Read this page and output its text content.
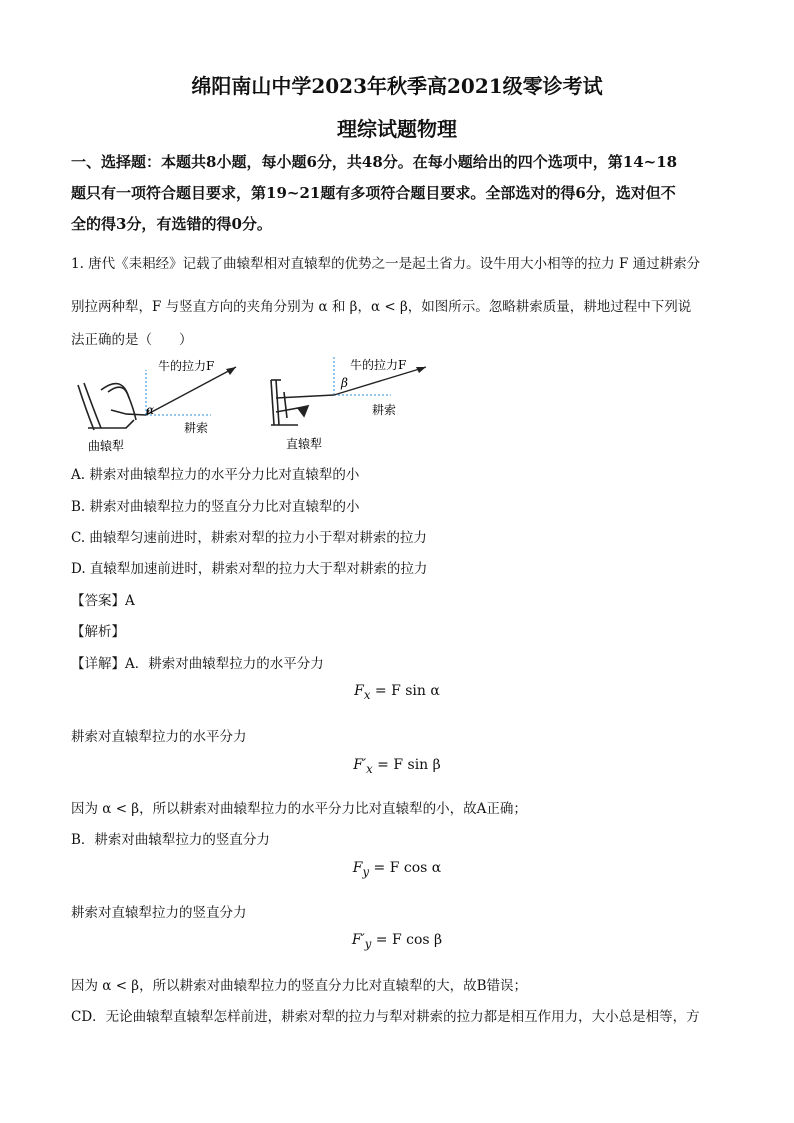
绵阳南山中学2023年秋季高2021级零诊考试
理综试题物理
一、选择题：本题共8小题，每小题6分，共48分。在每小题给出的四个选项中，第14~18
题只有一项符合题目要求，第19~21题有多项符合题目要求。全部选对的得6分，选对但不
全的得3分，有选错的得0分。
1. 唐代《耒耜经》记载了曲辕犁相对直辕犁的优势之一是起土省力。设牛用大小相等的拉力 F 通过耕索分
别拉两种犁，F 与竖直方向的夹角分别为 α 和 β，α < β，如图所示。忽略耕索质量，耕地过程中下列说
法正确的是（　　）
牛的拉力F
α
耕索
曲辕犁
牛的拉力F
β
耕索
直辕犁
A. 耕索对曲辕犁拉力的水平分力比对直辕犁的小
B. 耕索对曲辕犁拉力的竖直分力比对直辕犁的小
C. 曲辕犁匀速前进时，耕索对犁的拉力小于犁对耕索的拉力
D. 直辕犁加速前进时，耕索对犁的拉力大于犁对耕索的拉力
【答案】A
【解析】
【详解】A．耕索对曲辕犁拉力的水平分力
$F_x = F$ sin α
耕索对直辕犁拉力的水平分力
$F'_x = F$ sin β
因为 α < β，所以耕索对曲辕犁拉力的水平分力比对直辕犁的小，故A正确；
B．耕索对曲辕犁拉力的竖直分力
$F_y = F$ cos α
耕索对直辕犁拉力的竖直分力
$F'_y = F$ cos β
因为 α < β，所以耕索对曲辕犁拉力的竖直分力比对直辕犁的大，故B错误；
CD．无论曲辕犁直辕犁怎样前进，耕索对犁的拉力与犁对耕索的拉力都是相互作用力，大小总是相等，方
